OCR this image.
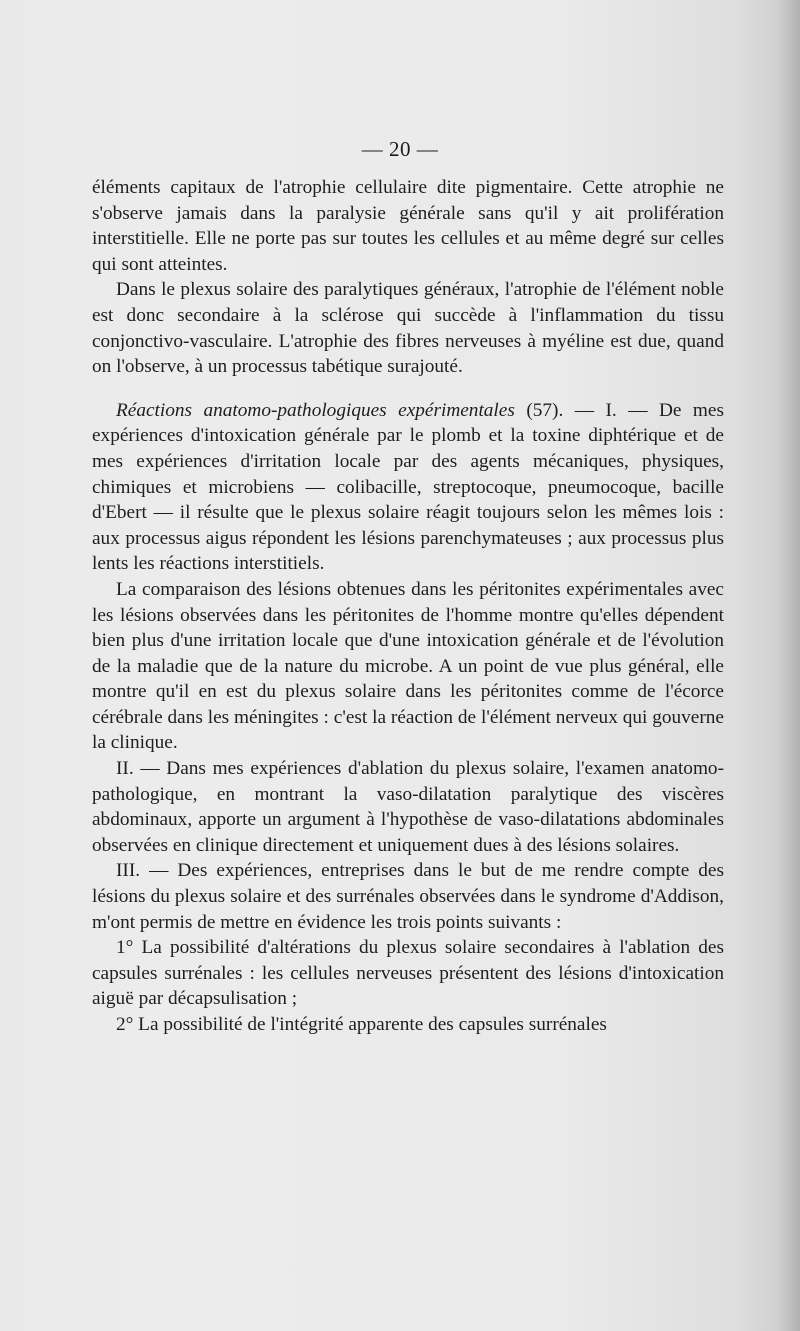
— 20 —

éléments capitaux de l'atrophie cellulaire dite pigmentaire. Cette atrophie ne s'observe jamais dans la paralysie générale sans qu'il y ait prolifération interstitielle. Elle ne porte pas sur toutes les cellules et au même degré sur celles qui sont atteintes.

Dans le plexus solaire des paralytiques généraux, l'atrophie de l'élément noble est donc secondaire à la sclérose qui succède à l'inflammation du tissu conjonctivo-vasculaire. L'atrophie des fibres nerveuses à myéline est due, quand on l'observe, à un processus tabétique surajouté.

Réactions anatomo-pathologiques expérimentales (57). — I. — De mes expériences d'intoxication générale par le plomb et la toxine diphtérique et de mes expériences d'irritation locale par des agents mécaniques, physiques, chimiques et microbiens — colibacille, streptocoque, pneumocoque, bacille d'Ebert — il résulte que le plexus solaire réagit toujours selon les mêmes lois : aux processus aigus répondent les lésions parenchymateuses ; aux processus plus lents les réactions interstitiels.

La comparaison des lésions obtenues dans les péritonites expérimentales avec les lésions observées dans les péritonites de l'homme montre qu'elles dépendent bien plus d'une irritation locale que d'une intoxication générale et de l'évolution de la maladie que de la nature du microbe. A un point de vue plus général, elle montre qu'il en est du plexus solaire dans les péritonites comme de l'écorce cérébrale dans les méningites : c'est la réaction de l'élément nerveux qui gouverne la clinique.

II. — Dans mes expériences d'ablation du plexus solaire, l'examen anatomo-pathologique, en montrant la vaso-dilatation paralytique des viscères abdominaux, apporte un argument à l'hypothèse de vaso-dilatations abdominales observées en clinique directement et uniquement dues à des lésions solaires.

III. — Des expériences, entreprises dans le but de me rendre compte des lésions du plexus solaire et des surrénales observées dans le syndrome d'Addison, m'ont permis de mettre en évidence les trois points suivants :

1° La possibilité d'altérations du plexus solaire secondaires à l'ablation des capsules surrénales : les cellules nerveuses présentent des lésions d'intoxication aiguë par décapsulisation ;

2° La possibilité de l'intégrité apparente des capsules surrénales
